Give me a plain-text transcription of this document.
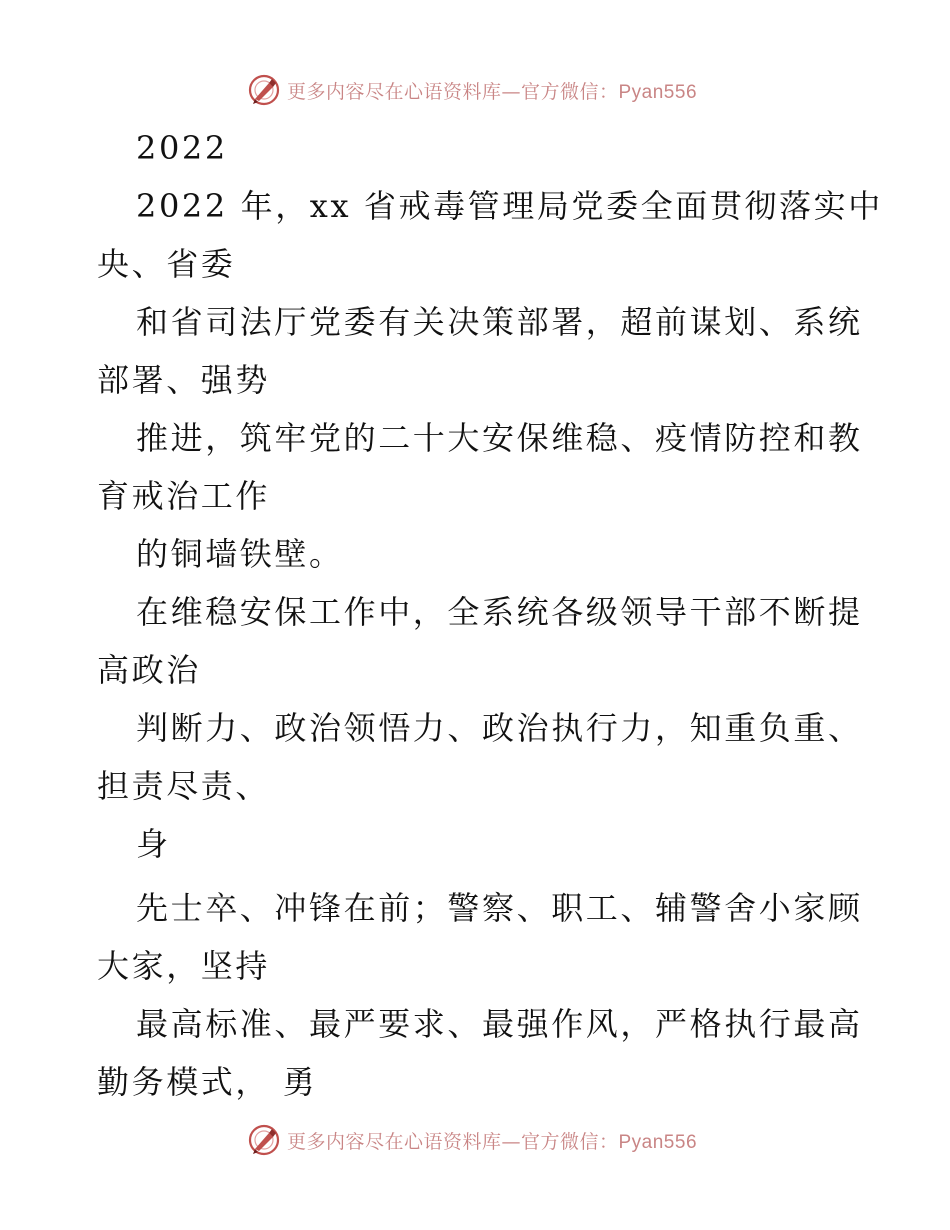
更多内容尽在心语资料库—官方微信：Pyan556
2022
2022 年，xx 省戒毒管理局党委全面贯彻落实中
央、省委
和省司法厅党委有关决策部署，超前谋划、系统
部署、强势
推进，筑牢党的二十大安保维稳、疫情防控和教
育戒治工作
的铜墙铁壁。
在维稳安保工作中，全系统各级领导干部不断提
高政治
判断力、政治领悟力、政治执行力，知重负重、
担责尽责、
身
先士卒、冲锋在前；警察、职工、辅警舍小家顾
大家，坚持
最高标准、最严要求、最强作风，严格执行最高
勤务模式， 勇
更多内容尽在心语资料库—官方微信：Pyan556
